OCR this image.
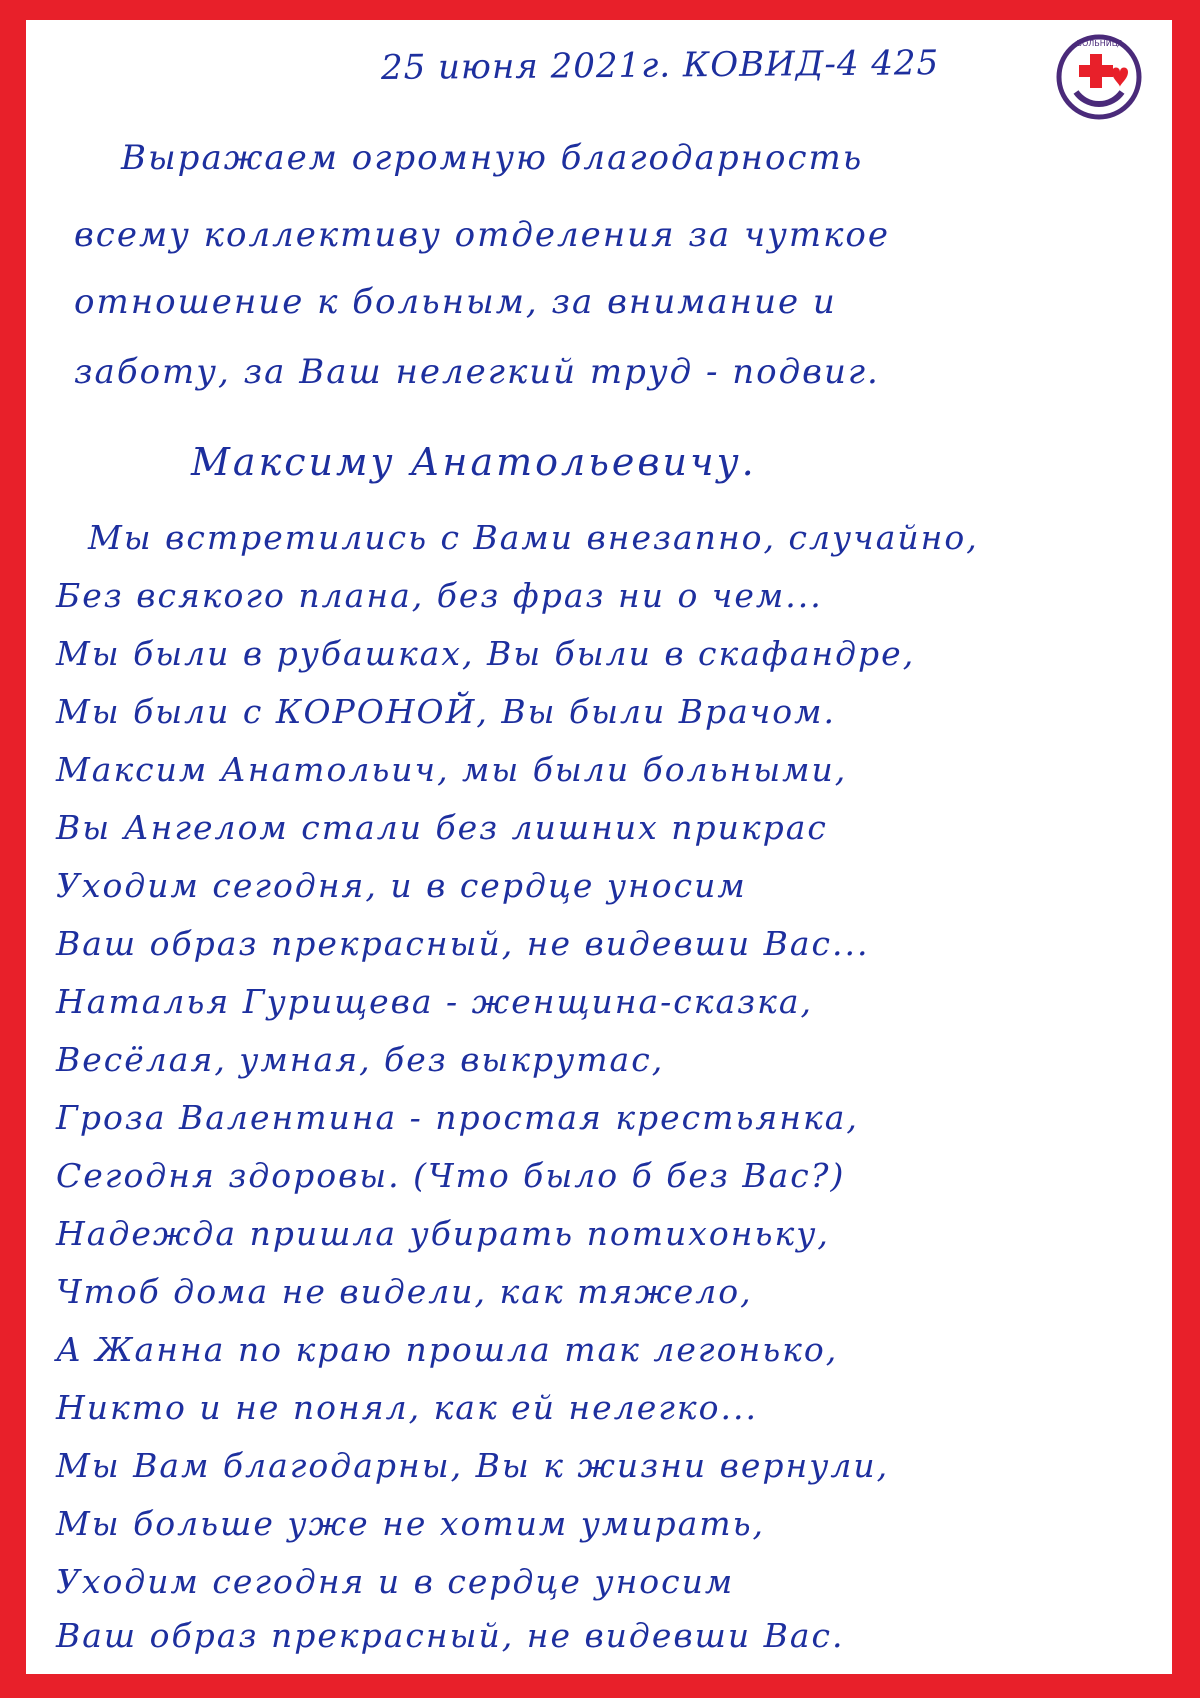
25 июня 2021г. КОВИД-4 425	БОЛЬНИЦА

Выражаем огромную благодарность

всему коллективу отделения за чуткое

отношение к больным, за внимание и

заботу, за Ваш нелегкий труд - подвиг.

Максиму Анатольевичу.

Мы встретились с Вами внезапно, случайно,

Без всякого плана, без фраз ни о чем...

Мы были в рубашках, Вы были в скафандре,

Мы были с КОРОНОЙ, Вы были Врачом.

Максим Анатольич, мы были больными,

Вы Ангелом стали без лишних прикрас

Уходим сегодня, и в сердце уносим

Ваш образ прекрасный, не видевши Вас...

Наталья Гурищева - женщина-сказка,

Весёлая, умная, без выкрутас,

Гроза Валентина - простая крестьянка,

Сегодня здоровы. (Что было б без Вас?)

Надежда пришла убирать потихоньку,

Чтоб дома не видели, как тяжело,

А Жанна по краю прошла так легонько,

Никто и не понял, как ей нелегко...

Мы Вам благодарны, Вы к жизни вернули,

Мы больше уже не хотим умирать,

Уходим сегодня и в сердце уносим

Ваш образ прекрасный, не видевши Вас.
